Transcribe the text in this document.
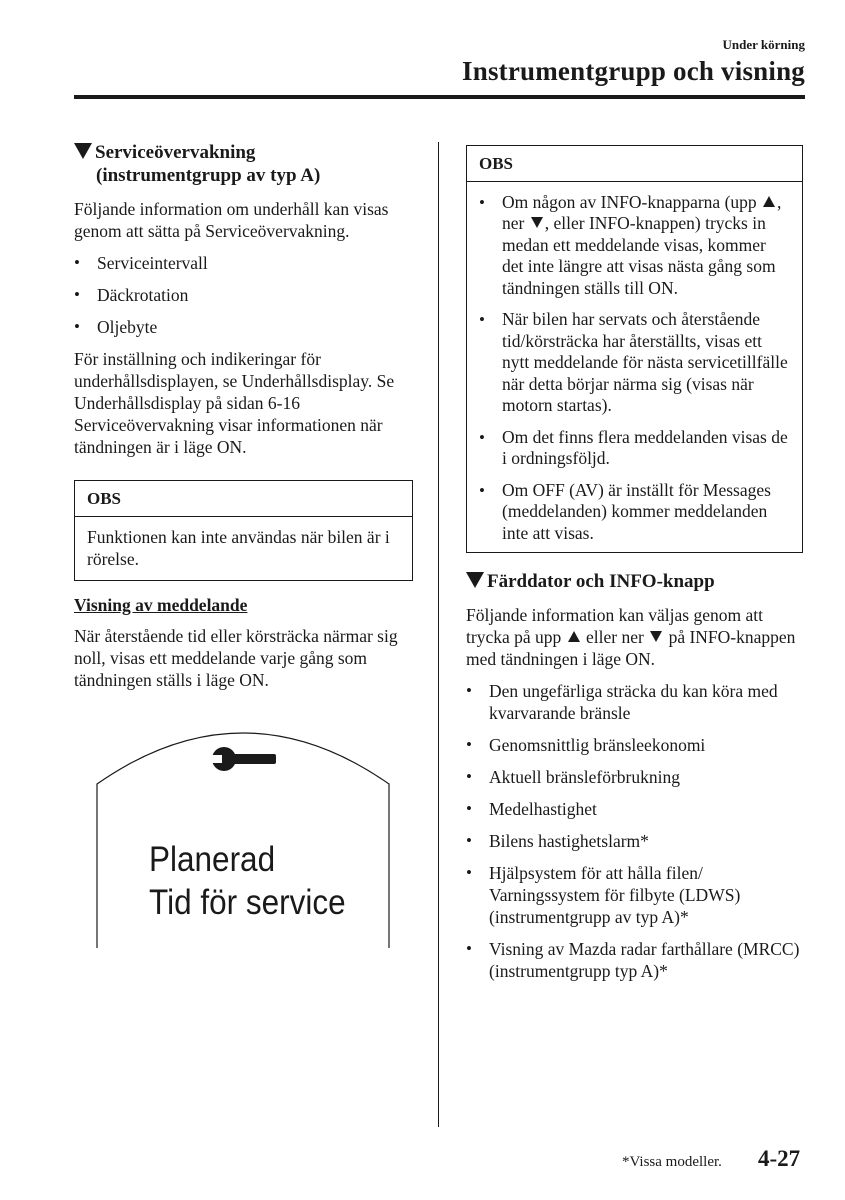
Under körning
Instrumentgrupp och visning
Serviceövervakning
(instrumentgrupp av typ A)

Följande information om underhåll kan visas genom att sätta på Serviceövervakning.

• Serviceintervall
• Däckrotation
• Oljebyte

För inställning och indikeringar för underhållsdisplayen, se Underhållsdisplay. Se Underhållsdisplay på sidan 6-16 Serviceövervakning visar informationen när tändningen är i läge ON.

OBS
Funktionen kan inte användas när bilen är i rörelse.
Visning av meddelande

När återstående tid eller körsträcka närmar sig noll, visas ett meddelande varje gång som tändningen ställs i läge ON.

Planerad
Tid för service
OBS
• Om någon av INFO-knapparna (upp , ner , eller INFO-knappen) trycks in medan ett meddelande visas, kommer det inte längre att visas nästa gång som tändningen ställs till ON.
• När bilen har servats och återstående tid/körsträcka har återställts, visas ett nytt meddelande för nästa servicetillfälle när detta börjar närma sig (visas när motorn startas).
• Om det finns flera meddelanden visas de i ordningsföljd.
• Om OFF (AV) är inställt för Messages (meddelanden) kommer meddelanden inte att visas.
Färddator och INFO-knapp

Följande information kan väljas genom att trycka på upp eller ner på INFO-knappen med tändningen i läge ON.

• Den ungefärliga sträcka du kan köra med kvarvarande bränsle
• Genomsnittlig bränsleekonomi
• Aktuell bränsleförbrukning
• Medelhastighet
• Bilens hastighetslarm*
• Hjälpsystem för att hålla filen/ Varningssystem för filbyte (LDWS) (instrumentgrupp av typ A)*
• Visning av Mazda radar farthållare (MRCC) (instrumentgrupp typ A)*
*Vissa modeller. 4-27
